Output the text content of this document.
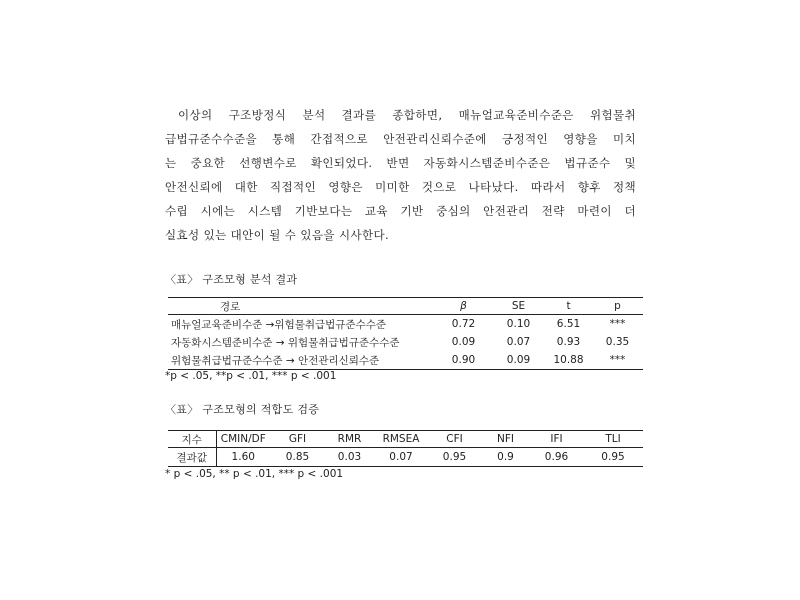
이상의 구조방정식 분석 결과를 종합하면, 매뉴얼교육준비수준은 위험물취
급법규준수수준을 통해 간접적으로 안전관리신뢰수준에 긍정적인 영향을 미치
는 중요한 선행변수로 확인되었다. 반면 자동화시스템준비수준은 법규준수 및
안전신뢰에 대한 직접적인 영향은 미미한 것으로 나타났다. 따라서 향후 정책
수립 시에는 시스템 기반보다는 교육 기반 중심의 안전관리 전략 마련이 더
실효성 있는 대안이 될 수 있음을 시사한다.
〈표〉 구조모형 분석 결과
경로	β	SE	t	p
매뉴얼교육준비수준 →위험물취급법규준수수준	0.72	0.10	6.51	***
자동화시스템준비수준 → 위험물취급법규준수수준	0.09	0.07	0.93	0.35
위험물취급법규준수수준 → 안전관리신뢰수준	0.90	0.09	10.88	***
*p < .05, **p < .01, *** p < .001
〈표〉 구조모형의 적합도 검증
지수	CMIN/DF	GFI	RMR	RMSEA	CFI	NFI	IFI	TLI
결과값	1.60	0.85	0.03	0.07	0.95	0.9	0.96	0.95
* p < .05, ** p < .01, *** p < .001
